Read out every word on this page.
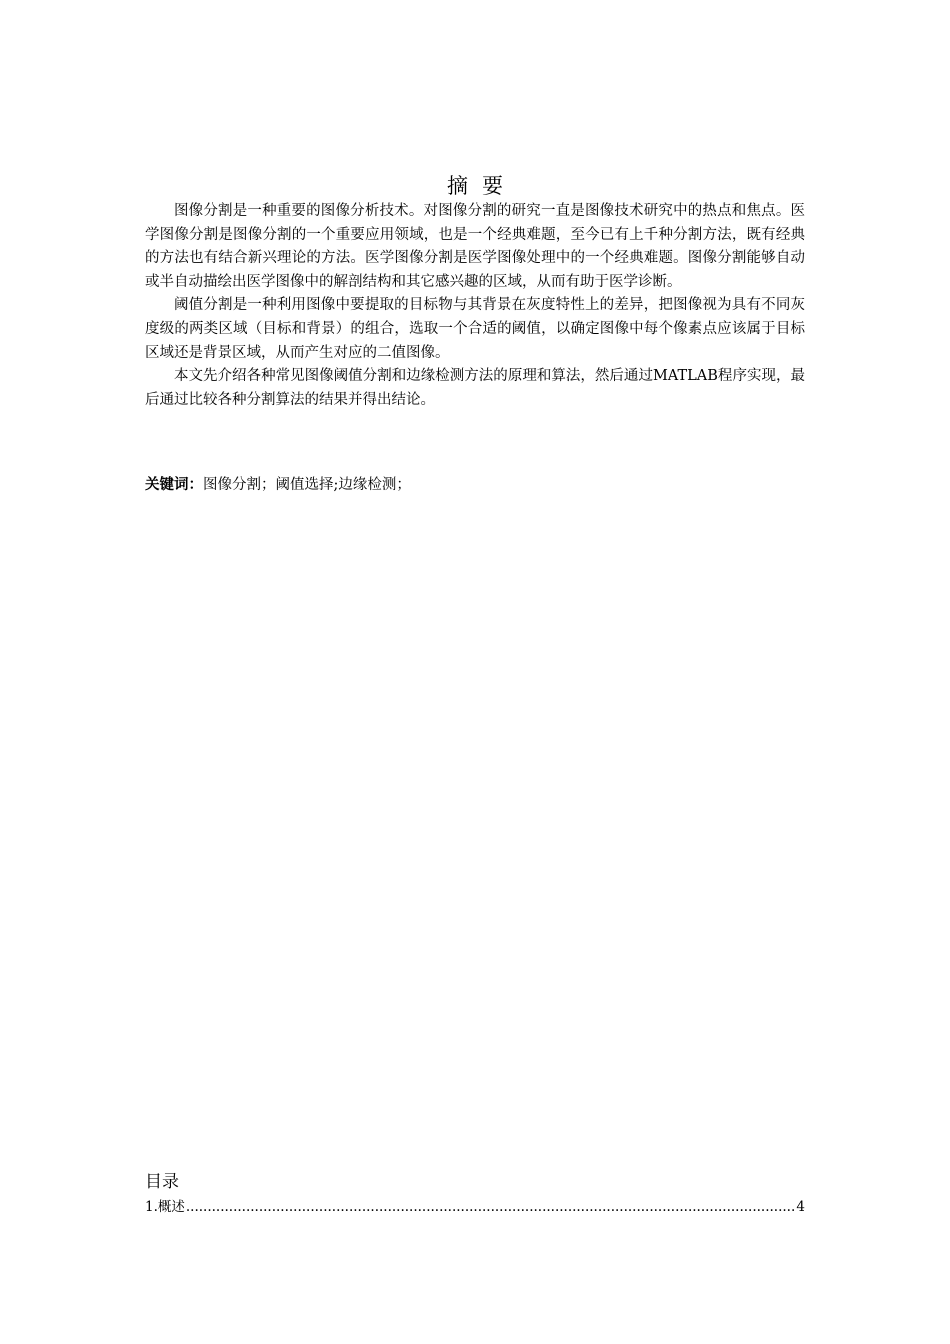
摘要

图像分割是一种重要的图像分析技术。对图像分割的研究一直是图像技术研究中的热点和焦点。医学图像分割是图像分割的一个重要应用领域，也是一个经典难题，至今已有上千种分割方法，既有经典的方法也有结合新兴理论的方法。医学图像分割是医学图像处理中的一个经典难题。图像分割能够自动或半自动描绘出医学图像中的解剖结构和其它感兴趣的区域，从而有助于医学诊断。

阈值分割是一种利用图像中要提取的目标物与其背景在灰度特性上的差异，把图像视为具有不同灰度级的两类区域（目标和背景）的组合，选取一个合适的阈值，以确定图像中每个像素点应该属于目标区域还是背景区域，从而产生对应的二值图像。

本文先介绍各种常见图像阈值分割和边缘检测方法的原理和算法，然后通过MATLAB程序实现，最后通过比较各种分割算法的结果并得出结论。

关键词：图像分割；阈值选择;边缘检测；
目录
1.概述
.....	4
